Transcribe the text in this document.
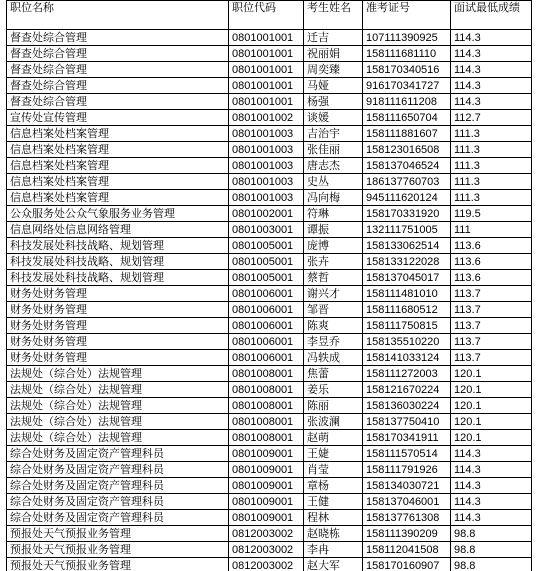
职位名称	职位代码	考生姓名	准考证号	面试最低成绩
督查处综合管理	0801001001	迁吉	107111390925	114.3
督查处综合管理	0801001001	祝丽娟	158111681110	114.3
督查处综合管理	0801001001	周奕臻	158170340516	114.3
督查处综合管理	0801001001	马娅	916170341727	114.3
督查处综合管理	0801001001	杨强	918111611208	114.3
宣传处宣传管理	0801001002	谈媛	158111650704	112.7
信息档案处档案管理	0801001003	吉治宇	158111881607	111.3
信息档案处档案管理	0801001003	张佳丽	158123016508	111.3
信息档案处档案管理	0801001003	唐志杰	158137046524	111.3
信息档案处档案管理	0801001003	史丛	186137760703	111.3
信息档案处档案管理	0801001003	冯向梅	945111620124	111.3
公众服务处公众气象服务业务管理	0801002001	符琳	158170331920	119.5
信息网络处信息网络管理	0801003001	谭振	132111751005	111
科技发展处科技战略、规划管理	0801005001	庞博	158133062514	113.6
科技发展处科技战略、规划管理	0801005001	张卉	158133122028	113.6
科技发展处科技战略、规划管理	0801005001	蔡哲	158137045017	113.6
财务处财务管理	0801006001	谢兴才	158111481010	113.7
财务处财务管理	0801006001	邹晋	158111680512	113.7
财务处财务管理	0801006001	陈爽	158111750815	113.7
财务处财务管理	0801006001	李昱乔	158135510220	113.7
财务处财务管理	0801006001	冯轶成	158141033124	113.7
法规处（综合处）法规管理	0801008001	焦蕾	158111272003	120.1
法规处（综合处）法规管理	0801008001	姜乐	158121670224	120.1
法规处（综合处）法规管理	0801008001	陈丽	158136030224	120.1
法规处（综合处）法规管理	0801008001	张波澜	158137750410	120.1
法规处（综合处）法规管理	0801008001	赵萌	158170341911	120.1
综合处财务及固定资产管理科员	0801009001	王婕	158111570514	114.3
综合处财务及固定资产管理科员	0801009001	肖莹	158111791926	114.3
综合处财务及固定资产管理科员	0801009001	章杨	158134030721	114.3
综合处财务及固定资产管理科员	0801009001	王健	158137046001	114.3
综合处财务及固定资产管理科员	0801009001	程林	158137761308	114.3
预报处天气预报业务管理	0812003002	赵晓栋	158111390209	98.8
预报处天气预报业务管理	0812003002	李冉	158112041508	98.8
预报处天气预报业务管理	0812003002	赵大军	158170160907	98.8
